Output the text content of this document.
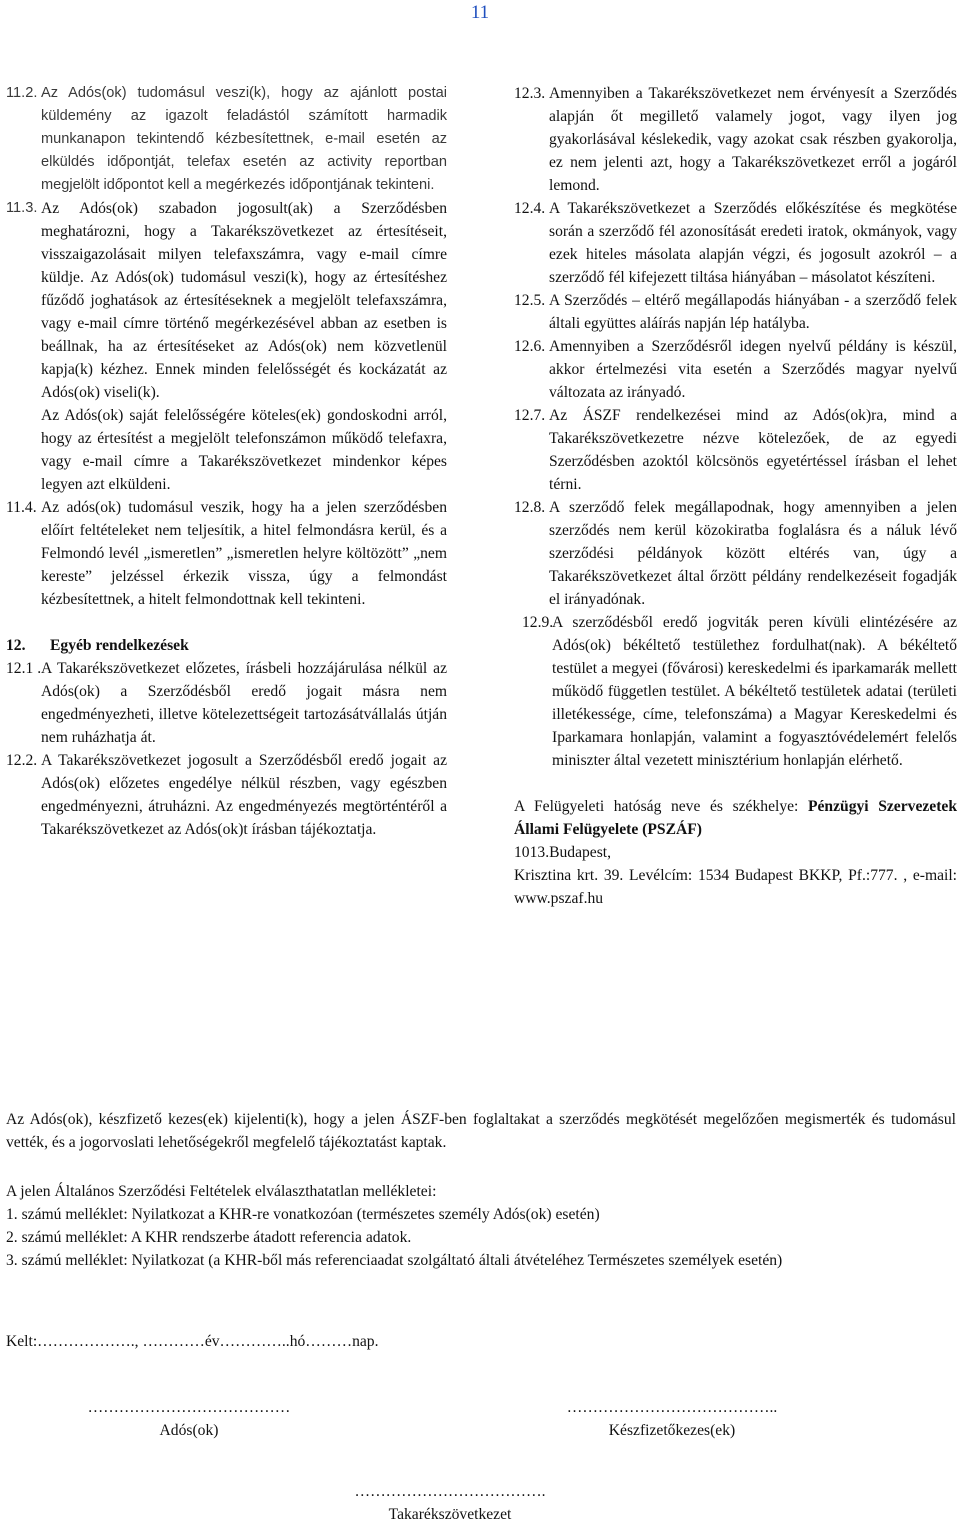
11
11.2. Az Adós(ok) tudomásul veszi(k), hogy az ajánlott postai küldemény az igazolt feladástól számított harmadik munkanapon tekintendő kézbesítettnek, e-mail esetén az elküldés időpontját, telefax esetén az activity reportban megjelölt időpontot kell a megérkezés időpontjának tekinteni.
11.3. Az Adós(ok) szabadon jogosult(ak) a Szerződésben meghatározni, hogy a Takarékszövetkezet az értesítéseit, visszaigazolásait milyen telefaxszámra, vagy e-mail címre küldje. Az Adós(ok) tudomásul veszi(k), hogy az értesítéshez fűződő joghatások az értesítéseknek a megjelölt telefaxszámra, vagy e-mail címre történő megérkezésével abban az esetben is beállnak, ha az értesítéseket az Adós(ok) nem közvetlenül kapja(k) kézhez. Ennek minden felelősségét és kockázatát az Adós(ok) viseli(k).
Az Adós(ok) saját felelősségére köteles(ek) gondoskodni arról, hogy az értesítést a megjelölt telefonszámon működő telefaxra, vagy e-mail címre a Takarékszövetkezet mindenkor képes legyen azt elküldeni.
11.4. Az adós(ok) tudomásul veszik, hogy ha a jelen szerződésben előírt feltételeket nem teljesítik, a hitel felmondásra kerül, és a Felmondó levél „ismeretlen” „ismeretlen helyre költözött” „nem kereste” jelzéssel érkezik vissza, úgy a felmondást kézbesítettnek, a hitelt felmondottnak kell tekinteni.
12.	Egyéb rendelkezések
12.1 . A Takarékszövetkezet előzetes, írásbeli hozzájárulása nélkül az Adós(ok) a Szerződésből eredő jogait másra nem engedményezheti, illetve kötelezettségeit tartozásátvállalás útján nem ruházhatja át.
12.2. A Takarékszövetkezet jogosult a Szerződésből eredő jogait az Adós(ok) előzetes engedélye nélkül részben, vagy egészben engedményezni, átruházni. Az engedményezés megtörténtéről a Takarékszövetkezet az Adós(ok)t írásban tájékoztatja.
12.3. Amennyiben a Takarékszövetkezet nem érvényesít a Szerződés alapján őt megillető valamely jogot, vagy ilyen jog gyakorlásával késlekedik, vagy azokat csak részben gyakorolja, ez nem jelenti azt, hogy a Takarékszövetkezet erről a jogáról lemond.
12.4. A Takarékszövetkezet a Szerződés előkészítése és megkötése során a szerződő fél azonosítását eredeti iratok, okmányok, vagy ezek hiteles másolata alapján végzi, és jogosult azokról – a szerződő fél kifejezett tiltása hiányában – másolatot készíteni.
12.5. A Szerződés – eltérő megállapodás hiányában - a szerződő felek általi együttes aláírás napján lép hatályba.
12.6. Amennyiben a Szerződésről idegen nyelvű példány is készül, akkor értelmezési vita esetén a Szerződés magyar nyelvű változata az irányadó.
12.7. Az ÁSZF rendelkezései mind az Adós(ok)ra, mind a Takarékszövetkezetre nézve kötelezőek, de az egyedi Szerződésben azoktól kölcsönös egyetértéssel írásban el lehet térni.
12.8. A szerződő felek megállapodnak, hogy amennyiben a jelen szerződés nem kerül közokiratba foglalásra és a náluk lévő szerződési példányok között eltérés van, úgy a Takarékszövetkezet által őrzött példány rendelkezéseit fogadják el irányadónak.
12.9.
A szerződésből eredő jogviták peren kívüli elintézésére az Adós(ok) békéltető testülethez fordulhat(nak). A békéltető testület a megyei (fővárosi) kereskedelmi és iparkamarák mellett működő független testület. A békéltető testületek adatai (területi illetékessége, címe, telefonszáma) a Magyar Kereskedelmi és Iparkamara honlapján, valamint a fogyasztóvédelemért felelős miniszter által vezetett minisztérium honlapján elérhető.
A Felügyeleti hatóság neve és székhelye: Pénzügyi Szervezetek Állami Felügyelete (PSZÁF)
1013.Budapest,
Krisztina krt. 39. Levélcím: 1534 Budapest BKKP, Pf.:777. , e-mail: www.pszaf.hu
Az Adós(ok), készfizető kezes(ek) kijelenti(k), hogy a jelen ÁSZF-ben foglaltakat a szerződés megkötését megelőzően megismerték és tudomásul vették, és a jogorvoslati lehetőségekről megfelelő tájékoztatást kaptak.
A jelen Általános Szerződési Feltételek elválaszthatatlan mellékletei:
1. számú melléklet: Nyilatkozat a KHR-re vonatkozóan (természetes személy Adós(ok) esetén)
2. számú melléklet: A KHR rendszerbe átadott referencia adatok.
3. számú melléklet: Nyilatkozat (a KHR-ből más referenciaadat szolgáltató általi átvételéhez Természetes személyek esetén)
Kelt:………………., …………év…………..hó………nap.
…………………………………
Adós(ok)
…………………………………..
Készfizetőkezes(ek)
……………………………….
Takarékszövetkezet
